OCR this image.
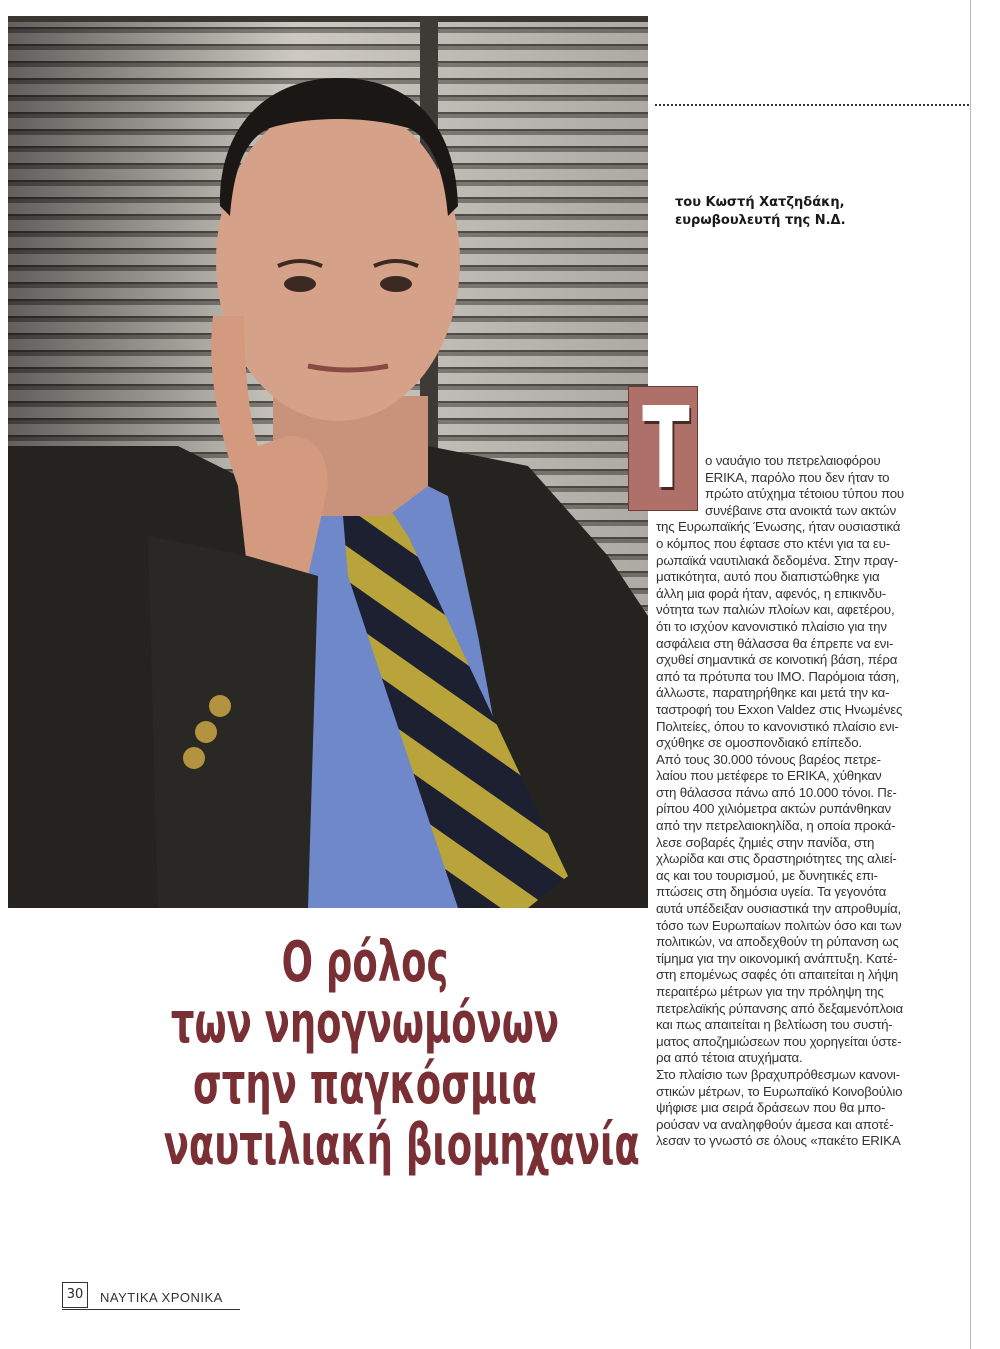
του Κωστή Χατζηδάκη,
ευρωβουλευτή της Ν.Δ.
Τ	ο ναυάγιο του πετρελαιοφόρου
ERIKA, παρόλο που δεν ήταν το
πρώτο ατύχημα τέτοιου τύπου που
συνέβαινε στα ανοικτά των ακτών
της Ευρωπαϊκής Ένωσης, ήταν ουσιαστικά
ο κόμπος που έφτασε στο κτένι για τα ευ-
ρωπαϊκά ναυτιλιακά δεδομένα. Στην πραγ-
ματικότητα, αυτό που διαπιστώθηκε για
άλλη μια φορά ήταν, αφενός, η επικινδυ-
νότητα των παλιών πλοίων και, αφετέρου,
ότι το ισχύον κανονιστικό πλαίσιο για την
ασφάλεια στη θάλασσα θα έπρεπε να ενι-
σχυθεί σημαντικά σε κοινοτική βάση, πέρα
από τα πρότυπα του ΙΜΟ. Παρόμοια τάση,
άλλωστε, παρατηρήθηκε και μετά την κα-
ταστροφή του Exxon Valdez στις Ηνωμένες
Πολιτείες, όπου το κανονιστικό πλαίσιο ενι-
σχύθηκε σε ομοσπονδιακό επίπεδο.
Από τους 30.000 τόνους βαρέος πετρε-
λαίου που μετέφερε το ERIKA, χύθηκαν
στη θάλασσα πάνω από 10.000 τόνοι. Πε-
ρίπου 400 χιλιόμετρα ακτών ρυπάνθηκαν
από την πετρελαιοκηλίδα, η οποία προκά-
λεσε σοβαρές ζημιές στην πανίδα, στη
χλωρίδα και στις δραστηριότητες της αλιεί-
ας και του τουρισμού, με δυνητικές επι-
πτώσεις στη δημόσια υγεία. Τα γεγονότα
αυτά υπέδειξαν ουσιαστικά την απροθυμία,
τόσο των Ευρωπαίων πολιτών όσο και των
πολιτικών, να αποδεχθούν τη ρύπανση ως
τίμημα για την οικονομική ανάπτυξη. Κατέ-
στη επομένως σαφές ότι απαιτείται η λήψη
περαιτέρω μέτρων για την πρόληψη της
πετρελαϊκής ρύπανσης από δεξαμενόπλοια
και πως απαιτείται η βελτίωση του συστή-
ματος αποζημιώσεων που χορηγείται ύστε-
ρα από τέτοια ατυχήματα.
Στο πλαίσιο των βραχυπρόθεσμων κανονι-
στικών μέτρων, το Ευρωπαϊκό Κοινοβούλιο
ψήφισε μια σειρά δράσεων που θα μπο-
ρούσαν να αναληφθούν άμεσα και αποτέ-
λεσαν το γνωστό σε όλους «πακέτο ERIKA
Ο ρόλος
των νηογνωμόνων
στην παγκόσμια
ναυτιλιακή βιομηχανία
30	ΝΑΥΤΙΚΑ ΧΡΟΝΙΚΑ
